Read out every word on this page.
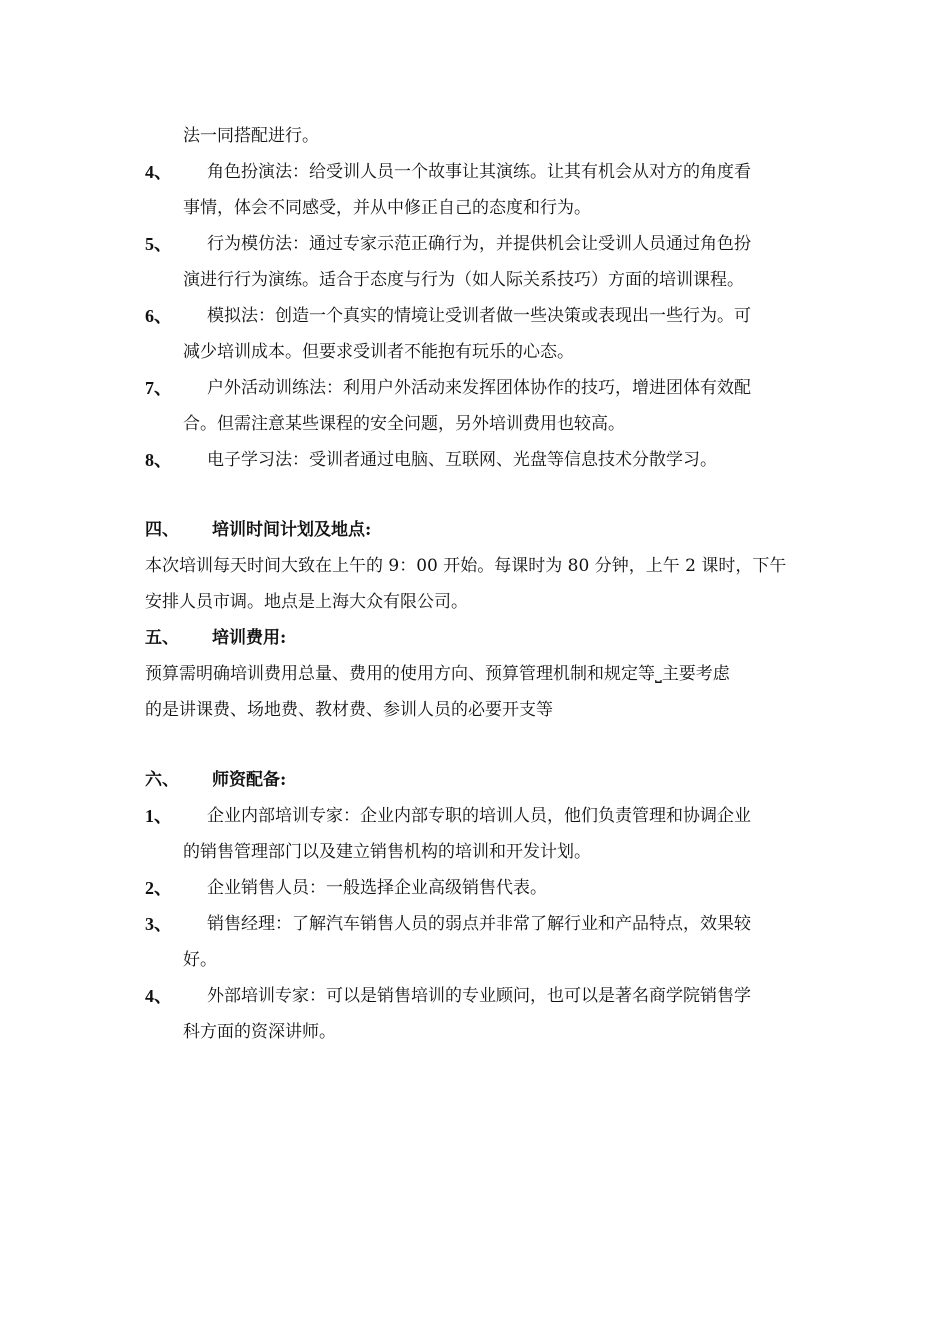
法一同搭配进行。
4、	角色扮演法：给受训人员一个故事让其演练。让其有机会从对方的角度看
事情，体会不同感受，并从中修正自己的态度和行为。
5、	行为模仿法：通过专家示范正确行为，并提供机会让受训人员通过角色扮
演进行行为演练。适合于态度与行为（如人际关系技巧）方面的培训课程。
6、	模拟法：创造一个真实的情境让受训者做一些决策或表现出一些行为。可
减少培训成本。但要求受训者不能抱有玩乐的心态。
7、	户外活动训练法：利用户外活动来发挥团体协作的技巧，增进团体有效配
合。但需注意某些课程的安全问题，另外培训费用也较高。
8、	电子学习法：受训者通过电脑、互联网、光盘等信息技术分散学习。
四、 培训时间计划及地点:
本次培训每天时间大致在上午的 9：00 开始。每课时为 80 分钟，上午 2 课时，下午
安排人员市调。地点是上海大众有限公司。
五、 培训费用:
预算需明确培训费用总量、费用的使用方向、预算管理机制和规定等⎵主要考虑
的是讲课费、场地费、教材费、参训人员的必要开支等
六、 师资配备:
1、	企业内部培训专家：企业内部专职的培训人员，他们负责管理和协调企业
的销售管理部门以及建立销售机构的培训和开发计划。
2、	企业销售人员：一般选择企业高级销售代表。
3、	销售经理：了解汽车销售人员的弱点并非常了解行业和产品特点，效果较
好。
4、	外部培训专家：可以是销售培训的专业顾问，也可以是著名商学院销售学
科方面的资深讲师。
